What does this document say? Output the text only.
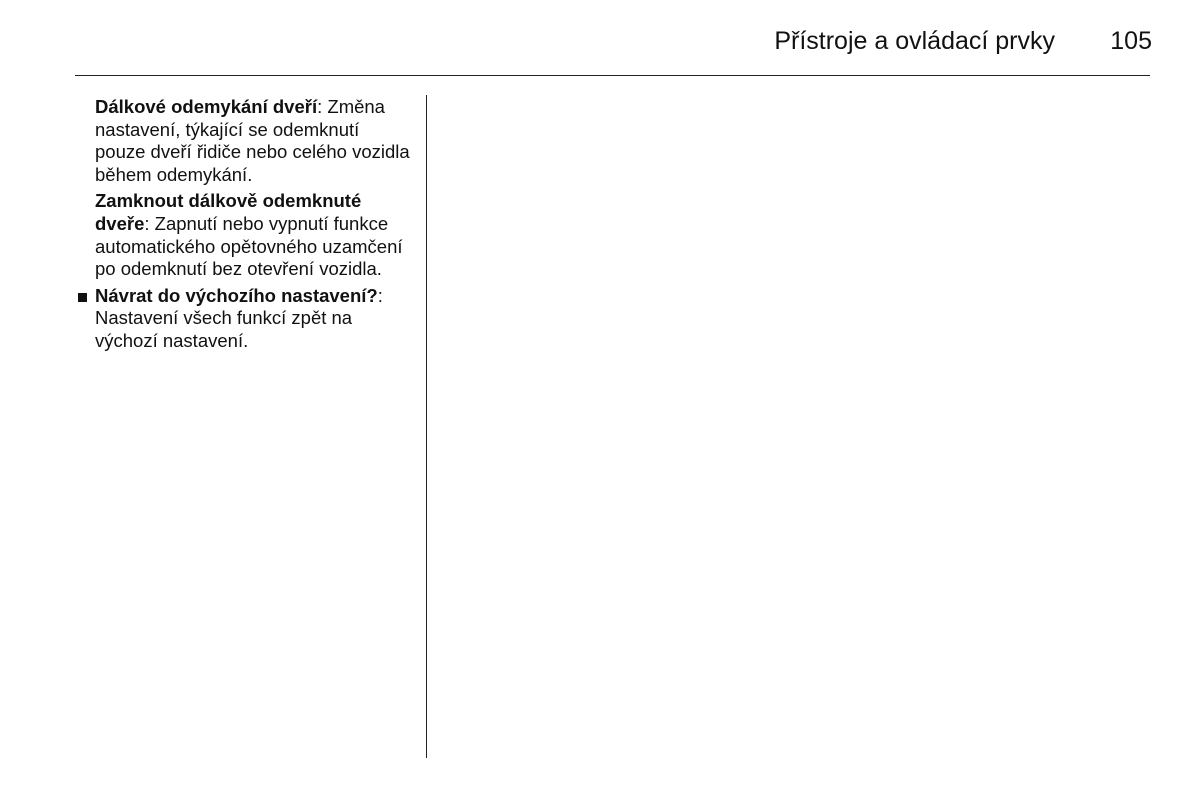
Přístroje a ovládací prvky 105

Dálkové odemykání dveří: Změna nastavení, týkající se odemknutí pouze dveří řidiče nebo celého vozidla během odemykání.

Zamknout dálkově odemknuté dveře: Zapnutí nebo vypnutí funkce automatického opětovného uzamčení po odemknutí bez otevření vozidla.

Návrat do výchozího nastavení?: Nastavení všech funkcí zpět na výchozí nastavení.
